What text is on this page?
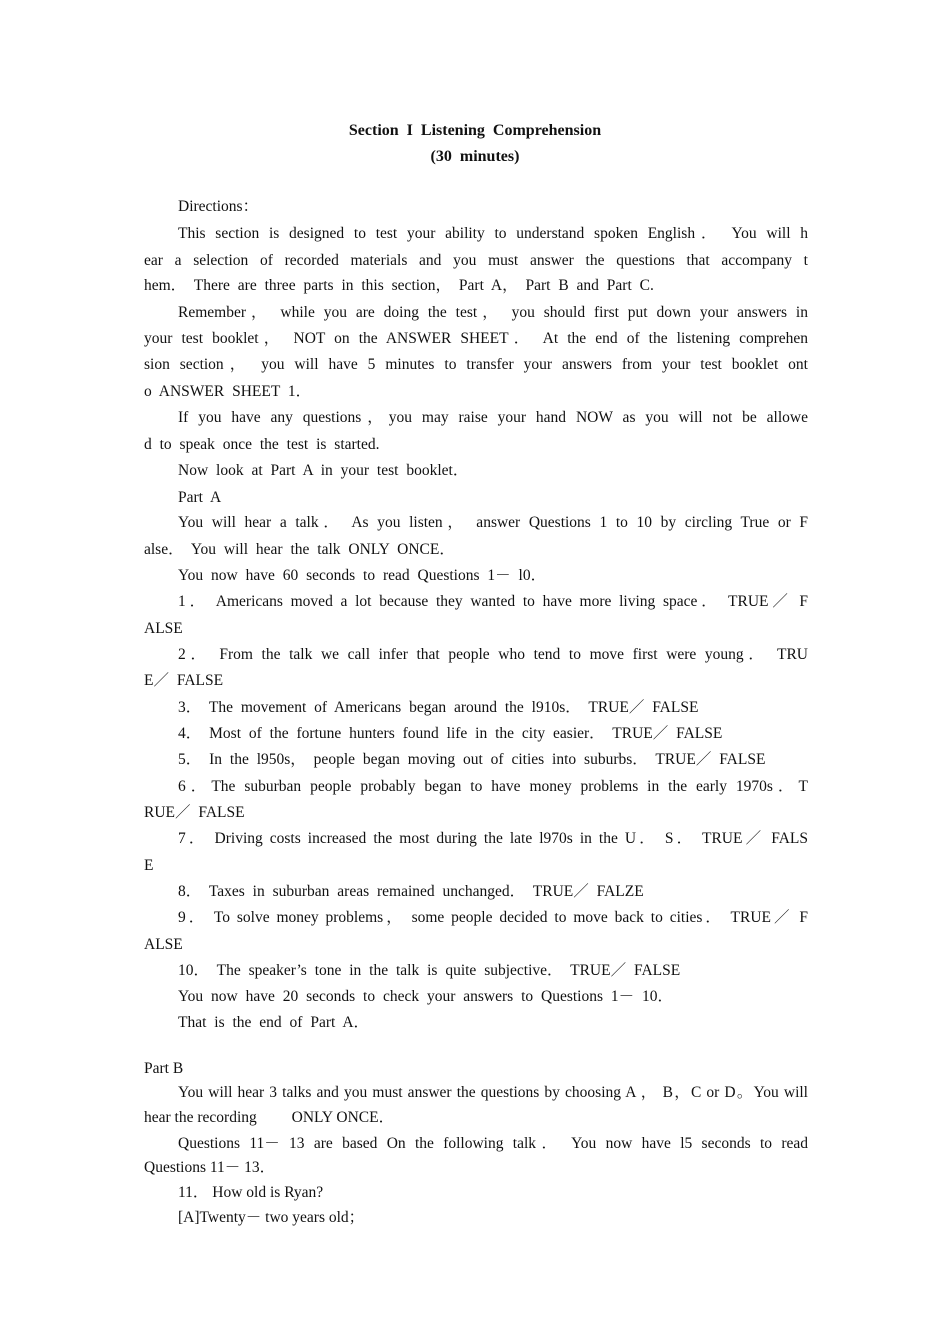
Section I Listening Comprehension
(30 minutes)
Directions：
This section is designed to test your ability to understand spoken English． You will h
ear a selection of recorded materials and you must answer the questions that accompany t
hem． There are three parts in this section， Part A， Part B and Part C.
Remember， while you are doing the test， you should first put down your answers in
your test booklet， NOT on the ANSWER SHEET． At the end of the listening comprehen
sion section， you will have 5 minutes to transfer your answers from your test booklet ont
o ANSWER SHEET 1．
If you have any questions，you may raise your hand NOW as you will not be allowe
d to speak once the test is started.
Now look at Part A in your test booklet．
Part A
You will hear a talk． As you listen， answer Questions 1 to 10 by circling True or F
alse． You will hear the talk ONLY ONCE．
You now have 60 seconds to read Questions 1－ l0．
1． Americans moved a lot because they wanted to have more living space． TRUE／ F
ALSE
2． From the talk we call infer that people who tend to move first were young． TRU
E／ FALSE
3． The movement of Americans began around the l910s． TRUE／ FALSE
4． Most of the fortune hunters found life in the city easier． TRUE／ FALSE
5． In the l950s， people began moving out of cities into suburbs． TRUE／ FALSE
6．The suburban people probably began to have money problems in the early 1970s．T
RUE／ FALSE
7． Driving costs increased the most during the late l970s in the U． S． TRUE／ FALS
E
8． Taxes in suburban areas remained unchanged． TRUE／ FALZE
9． To solve money problems， some people decided to move back to cities． TRUE／ F
ALSE
10． The speaker’s tone in the talk is quite subjective． TRUE／ FALSE
You now have 20 seconds to check your answers to Questions 1－ 10．
That is the end of Part A．
Part B
You will hear 3 talks and you must answer the questions by choosing A ， B，C or D。You will
hear the recording         ONLY ONCE．
Questions 11－ 13 are based On the following talk． You now have l5 seconds to read
Questions 11－ 13．
11． How old is Ryan?
[A]Twenty－ two years old；
